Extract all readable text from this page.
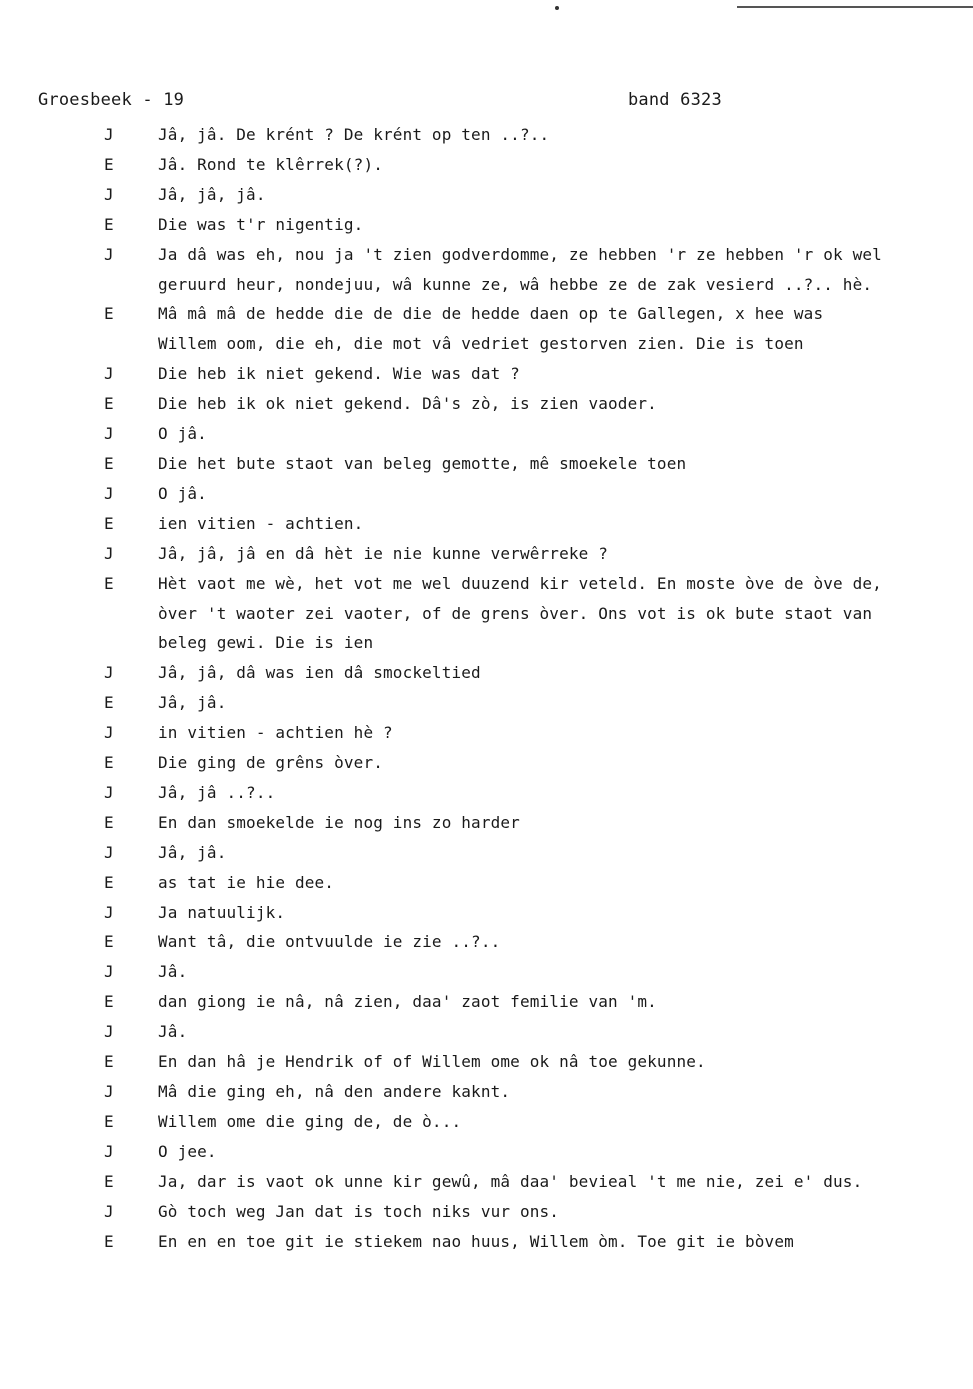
Groesbeek - 19	band 6323
J	Jâ, jâ. De krént ? De krént op ten ..?..
E	Jâ. Rond te klêrrek(?).
J	Jâ, jâ, jâ.
E	Die was t'r nigentig.
J	Ja dâ was eh, nou ja 't zien godverdomme, ze hebben 'r ze hebben 'r ok wel geruurd heur, nondejuu, wâ kunne ze, wâ hebbe ze de zak vesierd ..?.. hè.
E	Mâ mâ mâ de hedde die de die de hedde daen op te Gallegen, x hee was Willem oom, die eh, die mot vâ vedriet gestorven zien. Die is toen
J	Die heb ik niet gekend. Wie was dat ?
E	Die heb ik ok niet gekend. Dâ's zò, is zien vaoder.
J	O jâ.
E	Die het bute staot van beleg gemotte, mê smoekele toen
J	O jâ.
E	ien vitien - achtien.
J	Jâ, jâ, jâ en dâ hèt ie nie kunne verwêrreke ?
E	Hèt vaot me wè, het vot me wel duuzend kir veteld. En moste òve de òve de, òver 't waoter zei vaoter, of de grens òver. Ons vot is ok bute staot van beleg gewi. Die is ien
J	Jâ, jâ, dâ was ien dâ smockeltied
E	Jâ, jâ.
J	in vitien - achtien hè ?
E	Die ging de grêns òver.
J	Jâ, jâ ..?..
E	En dan smoekelde ie nog ins zo harder
J	Jâ, jâ.
E	as tat ie hie dee.
J	Ja natuulijk.
E	Want tâ, die ontvuulde ie zie ..?..
J	Jâ.
E	dan giong ie nâ, nâ zien, daa' zaot femilie van 'm.
J	Jâ.
E	En dan hâ je Hendrik of of Willem ome ok nâ toe gekunne.
J	Mâ die ging eh, nâ den andere kaknt.
E	Willem ome die ging de, de ò...
J	O jee.
E	Ja, dar is vaot ok unne kir gewû, mâ daa' bevieal 't me nie, zei e' dus.
J	Gò toch weg Jan dat is toch niks vur ons.
E	En en en toe git ie stiekem nao huus, Willem òm. Toe git ie bòvem
